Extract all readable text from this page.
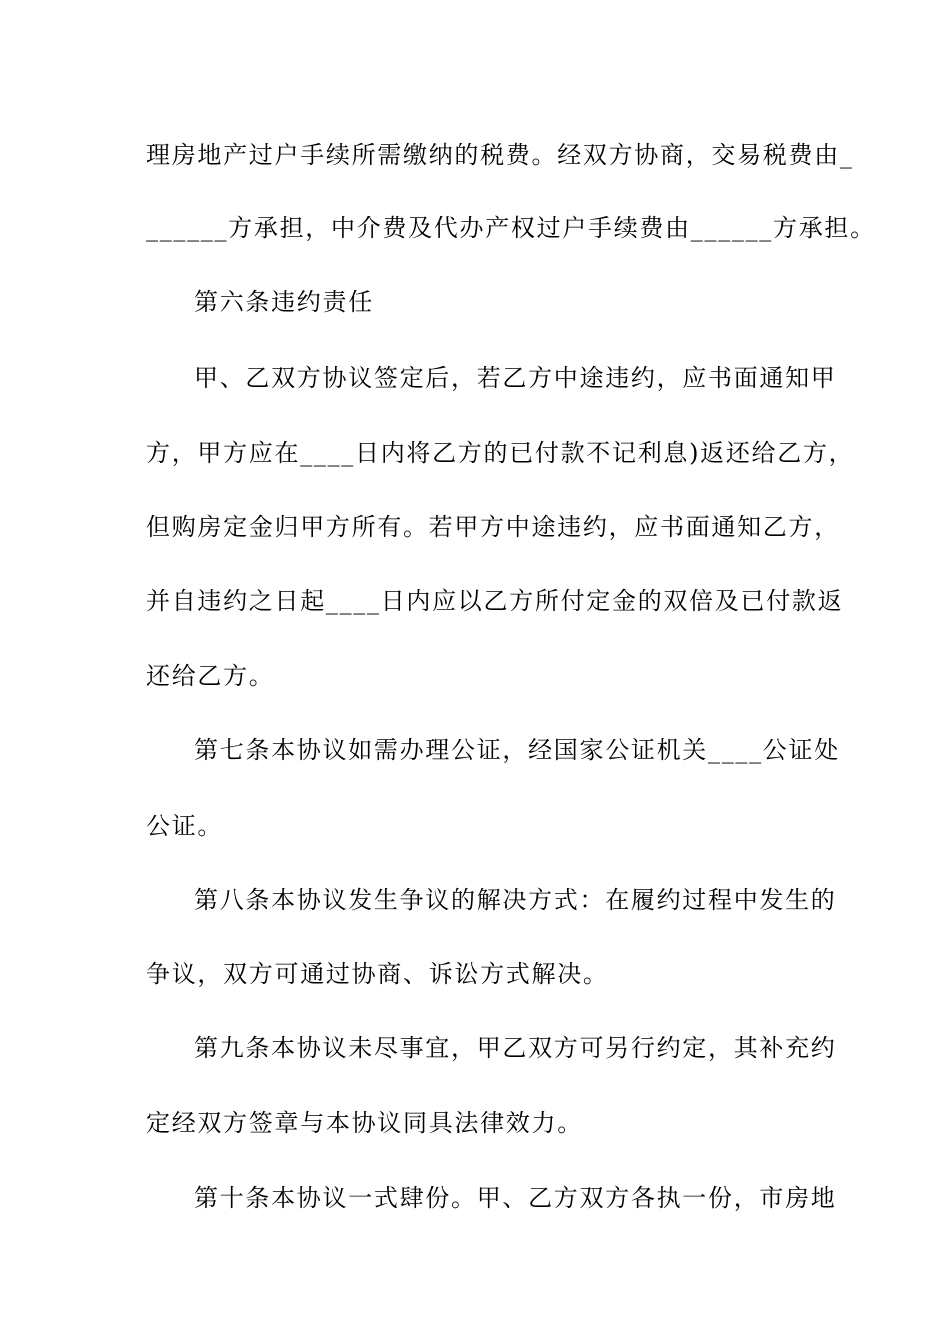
理房地产过户手续所需缴纳的税费。经双方协商，交易税费由_
______方承担，中介费及代办产权过户手续费由______方承担。
第六条违约责任
甲、乙双方协议签定后，若乙方中途违约，应书面通知甲
方，甲方应在____日内将乙方的已付款不记利息)返还给乙方，
但购房定金归甲方所有。若甲方中途违约，应书面通知乙方，
并自违约之日起____日内应以乙方所付定金的双倍及已付款返
还给乙方。
第七条本协议如需办理公证，经国家公证机关____公证处
公证。
第八条本协议发生争议的解决方式：在履约过程中发生的
争议，双方可通过协商、诉讼方式解决。
第九条本协议未尽事宜，甲乙双方可另行约定，其补充约
定经双方签章与本协议同具法律效力。
第十条本协议一式肆份。甲、乙方双方各执一份，市房地
